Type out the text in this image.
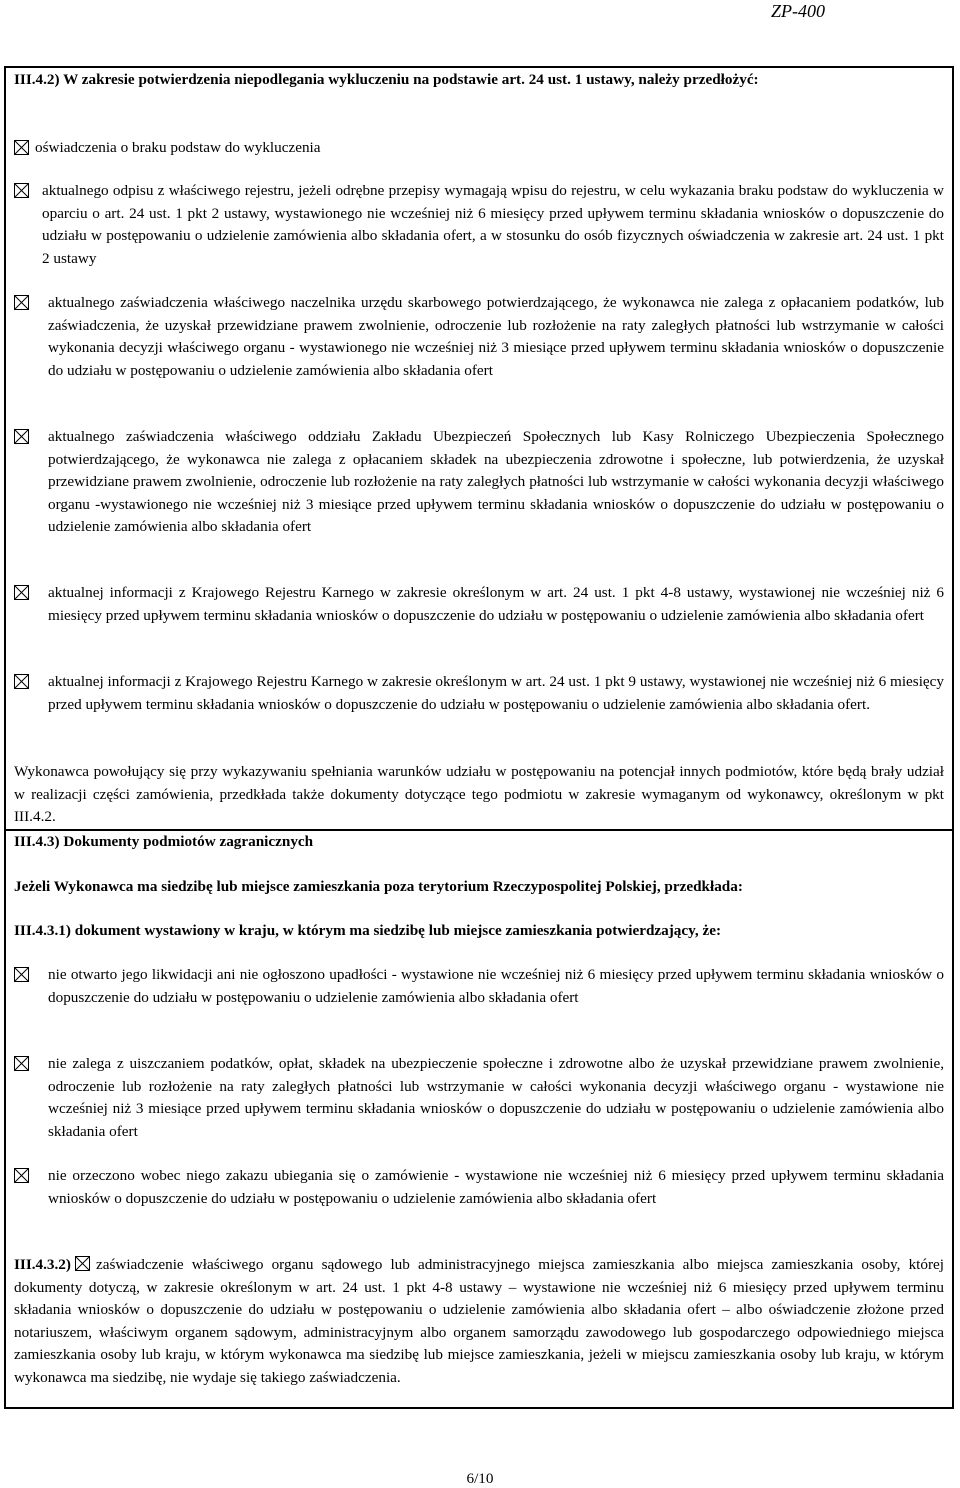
ZP-400
III.4.2) W zakresie potwierdzenia niepodlegania wykluczeniu na podstawie art. 24 ust. 1 ustawy, należy przedłożyć:
oświadczenia o braku podstaw do wykluczenia
aktualnego odpisu z właściwego rejestru, jeżeli odrębne przepisy wymagają wpisu do rejestru, w celu wykazania braku podstaw do wykluczenia w oparciu o art. 24 ust. 1 pkt 2 ustawy, wystawionego nie wcześniej niż 6 miesięcy przed upływem terminu składania wniosków o dopuszczenie do udziału w postępowaniu o udzielenie zamówienia albo składania ofert, a w stosunku do osób fizycznych oświadczenia w zakresie art. 24 ust. 1 pkt 2 ustawy
aktualnego zaświadczenia właściwego naczelnika urzędu skarbowego potwierdzającego, że wykonawca nie zalega z opłacaniem podatków, lub zaświadczenia, że uzyskał przewidziane prawem zwolnienie, odroczenie lub rozłożenie na raty zaległych płatności lub wstrzymanie w całości wykonania decyzji właściwego organu - wystawionego nie wcześniej niż 3 miesiące przed upływem terminu składania wniosków o dopuszczenie do udziału w postępowaniu o udzielenie zamówienia albo składania ofert
aktualnego zaświadczenia właściwego oddziału Zakładu Ubezpieczeń Społecznych lub Kasy Rolniczego Ubezpieczenia Społecznego potwierdzającego, że wykonawca nie zalega z opłacaniem składek na ubezpieczenia zdrowotne i społeczne, lub potwierdzenia, że uzyskał przewidziane prawem zwolnienie, odroczenie lub rozłożenie na raty zaległych płatności lub wstrzymanie w całości wykonania decyzji właściwego organu -wystawionego nie wcześniej niż 3 miesiące przed upływem terminu składania wniosków o dopuszczenie do udziału w postępowaniu o udzielenie zamówienia albo składania ofert
aktualnej informacji z Krajowego Rejestru Karnego w zakresie określonym w art. 24 ust. 1 pkt 4-8 ustawy, wystawionej nie wcześniej niż 6 miesięcy przed upływem terminu składania wniosków o dopuszczenie do udziału w postępowaniu o udzielenie zamówienia albo składania ofert
aktualnej informacji z Krajowego Rejestru Karnego w zakresie określonym w art. 24 ust. 1 pkt 9 ustawy, wystawionej nie wcześniej niż 6 miesięcy przed upływem terminu składania wniosków o dopuszczenie do udziału w postępowaniu o udzielenie zamówienia albo składania ofert.
Wykonawca powołujący się przy wykazywaniu spełniania warunków udziału w postępowaniu na potencjał innych podmiotów, które będą brały udział w realizacji części zamówienia, przedkłada także dokumenty dotyczące tego podmiotu w zakresie wymaganym od wykonawcy, określonym w pkt III.4.2.
III.4.3) Dokumenty podmiotów zagranicznych
Jeżeli Wykonawca ma siedzibę lub miejsce zamieszkania poza terytorium Rzeczypospolitej Polskiej, przedkłada:
III.4.3.1) dokument wystawiony w kraju, w którym ma siedzibę lub miejsce zamieszkania potwierdzający, że:
nie otwarto jego likwidacji ani nie ogłoszono upadłości - wystawione nie wcześniej niż 6 miesięcy przed upływem terminu składania wniosków o dopuszczenie do udziału w postępowaniu o udzielenie zamówienia albo składania ofert
nie zalega z uiszczaniem podatków, opłat, składek na ubezpieczenie społeczne i zdrowotne albo że uzyskał przewidziane prawem zwolnienie, odroczenie lub rozłożenie na raty zaległych płatności lub wstrzymanie w całości wykonania decyzji właściwego organu - wystawione nie wcześniej niż 3 miesiące przed upływem terminu składania wniosków o dopuszczenie do udziału w postępowaniu o udzielenie zamówienia albo składania ofert
nie orzeczono wobec niego zakazu ubiegania się o zamówienie - wystawione nie wcześniej niż 6 miesięcy przed upływem terminu składania wniosków o dopuszczenie do udziału w postępowaniu o udzielenie zamówienia albo składania ofert
III.4.3.2) zaświadczenie właściwego organu sądowego lub administracyjnego miejsca zamieszkania albo miejsca zamieszkania osoby, której dokumenty dotyczą, w zakresie określonym w art. 24 ust. 1 pkt 4-8 ustawy – wystawione nie wcześniej niż 6 miesięcy przed upływem terminu składania wniosków o dopuszczenie do udziału w postępowaniu o udzielenie zamówienia albo składania ofert – albo oświadczenie złożone przed notariuszem, właściwym organem sądowym, administracyjnym albo organem samorządu zawodowego lub gospodarczego odpowiedniego miejsca zamieszkania osoby lub kraju, w którym wykonawca ma siedzibę lub miejsce zamieszkania, jeżeli w miejscu zamieszkania osoby lub kraju, w którym wykonawca ma siedzibę, nie wydaje się takiego zaświadczenia.
6/10
